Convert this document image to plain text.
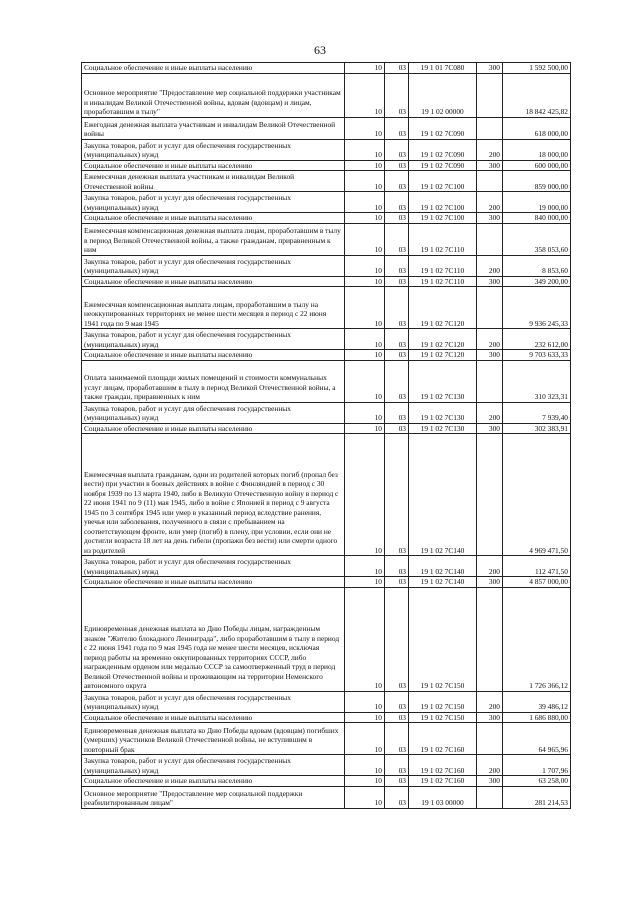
63
Социальное обеспечение и иные выплаты населению	10	03	19 1 01 7С080	300	1 592 500,00
Основное мероприятие "Предоставление мер социальной поддержки участникам и инвалидам Великой Отечественной войны, вдовам (вдовцам) и лицам, проработавшим в тылу"	10	03	19 1 02 00000		18 842 425,82
Ежегодная денежная выплата участникам и инвалидам Великой Отечественной войны	10	03	19 1 02 7С090		618 000,00
Закупка товаров, работ и услуг для обеспечения государственных (муниципальных) нужд	10	03	19 1 02 7С090	200	18 000,00
Социальное обеспечение и иные выплаты населению	10	03	19 1 02 7С090	300	600 000,00
Ежемесячная денежная выплата участникам и инвалидам Великой Отечественной войны	10	03	19 1 02 7С100		859 000,00
Закупка товаров, работ и услуг для обеспечения государственных (муниципальных) нужд	10	03	19 1 02 7С100	200	19 000,00
Социальное обеспечение и иные выплаты населению	10	03	19 1 02 7С100	300	840 000,00
Ежемесячная компенсационная денежная выплата лицам, проработавшим в тылу в период Великой Отечественной войны, а также гражданам, приравненным к ним	10	03	19 1 02 7С110		358 053,60
Закупка товаров, работ и услуг для обеспечения государственных (муниципальных) нужд	10	03	19 1 02 7С110	200	8 853,60
Социальное обеспечение и иные выплаты населению	10	03	19 1 02 7С110	300	349 200,00
Ежемесячная компенсационная выплата лицам, проработавшим в тылу на неоккупированных территориях не менее шести месяцев в период с 22 июня 1941 года по 9 мая 1945	10	03	19 1 02 7С120		9 936 245,33
Закупка товаров, работ и услуг для обеспечения государственных (муниципальных) нужд	10	03	19 1 02 7С120	200	232 612,00
Социальное обеспечение и иные выплаты населению	10	03	19 1 02 7С120	300	9 703 633,33
Оплата занимаемой площади жилых помещений и стоимости коммунальных услуг лицам, проработавшим в тылу в период Великой Отечественной войны, а также граждан, приравненных к ним	10	03	19 1 02 7С130		310 323,31
Закупка товаров, работ и услуг для обеспечения государственных (муниципальных) нужд	10	03	19 1 02 7С130	200	7 939,40
Социальное обеспечение и иные выплаты населению	10	03	19 1 02 7С130	300	302 383,91
Ежемесячная выплата гражданам, одни из родителей которых погиб (пропал без вести) при участии в боевых действиях в войне с Финляндией в период с 30 ноября 1939 по 13 марта 1940, либо в Великую Отечественную войну в период с 22 июня 1941 по 9 (11) мая 1945, либо в войне с Японией в период с 9 августа 1945 по 3 сентября 1945 или умер в указанный период вследствие ранения, увечья или заболевания, полученного в связи с пребыванием на соответствующем фронте, или умер (погиб) в плену, при условии, если они не достигли возраста 18 лет на день гибели (пропажи без вести) или смерти одного из родителей	10	03	19 1 02 7С140		4 969 471,50
Закупка товаров, работ и услуг для обеспечения государственных (муниципальных) нужд	10	03	19 1 02 7С140	200	112 471,50
Социальное обеспечение и иные выплаты населению	10	03	19 1 02 7С140	300	4 857 000,00
Единовременная денежная выплата ко Дню Победы лицам, награжденным знаком "Жителю блокадного Ленинграда", либо проработавшим в тылу в период с 22 июня 1941 года по 9 мая 1945 года не менее шести месяцев, исключая период работы на временно оккупированных территориях СССР, либо награжденным орденом или медалью СССР за самоотверженный труд в период Великой Отечественной войны и проживающим на территории Неменского автономного округа	10	03	19 1 02 7С150		1 726 366,12
Закупка товаров, работ и услуг для обеспечения государственных (муниципальных) нужд	10	03	19 1 02 7С150	200	39 486,12
Социальное обеспечение и иные выплаты населению	10	03	19 1 02 7С150	300	1 686 880,00
Единовременная денежная выплата ко Дню Победы вдовам (вдовцам) погибших (умерших) участников Великой Отечественной войны, не вступившим в повторный брак	10	03	19 1 02 7С160		64 965,96
Закупка товаров, работ и услуг для обеспечения государственных (муниципальных) нужд	10	03	19 1 02 7С160	200	1 707,96
Социальное обеспечение и иные выплаты населению	10	03	19 1 02 7С160	300	63 258,00
Основное мероприятие "Предоставление мер социальной поддержки реабилитированным лицам"	10	03	19 1 03 00000		281 214,53
